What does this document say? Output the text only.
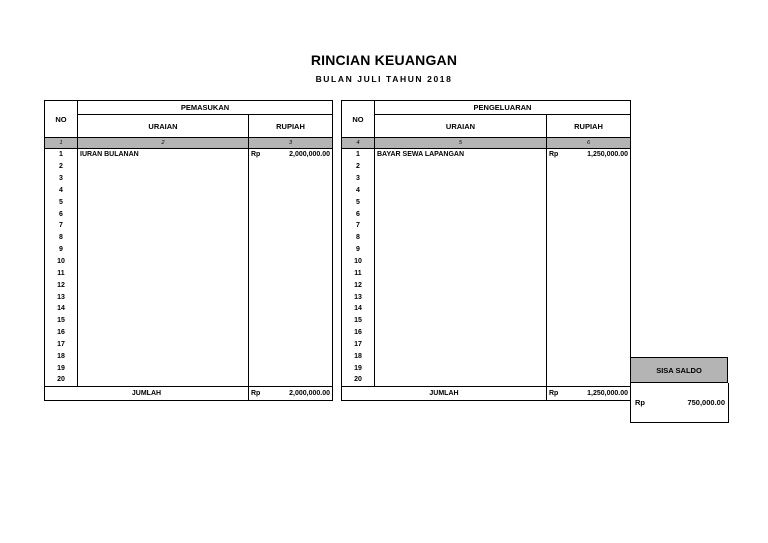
RINCIAN KEUANGAN
BULAN JULI TAHUN 2018
NO	PEMASUKAN	
	URAIAN	RUPIAH
1	2	3
1	IURAN BULANAN	Rp 2,000,000.00

2		

3		

4		

5		

6		

7		

8		

9		

10		

11		

12		

13		

14		

15		

16		

17		

18		

19		

20		

JUMLAH		Rp 2,000,000.00
NO	PENGELUARAN	
	URAIAN	RUPIAH
4	5	6
1	BAYAR SEWA LAPANGAN	Rp 1,250,000.00

2		

3		

4		

5		

6		

7		

8		

9		

10		

11		

12		

13		

14		

15		

16		

17		

18		

19		

20		

JUMLAH		Rp 1,250,000.00
SISA SALDO
Rp	750,000.00
